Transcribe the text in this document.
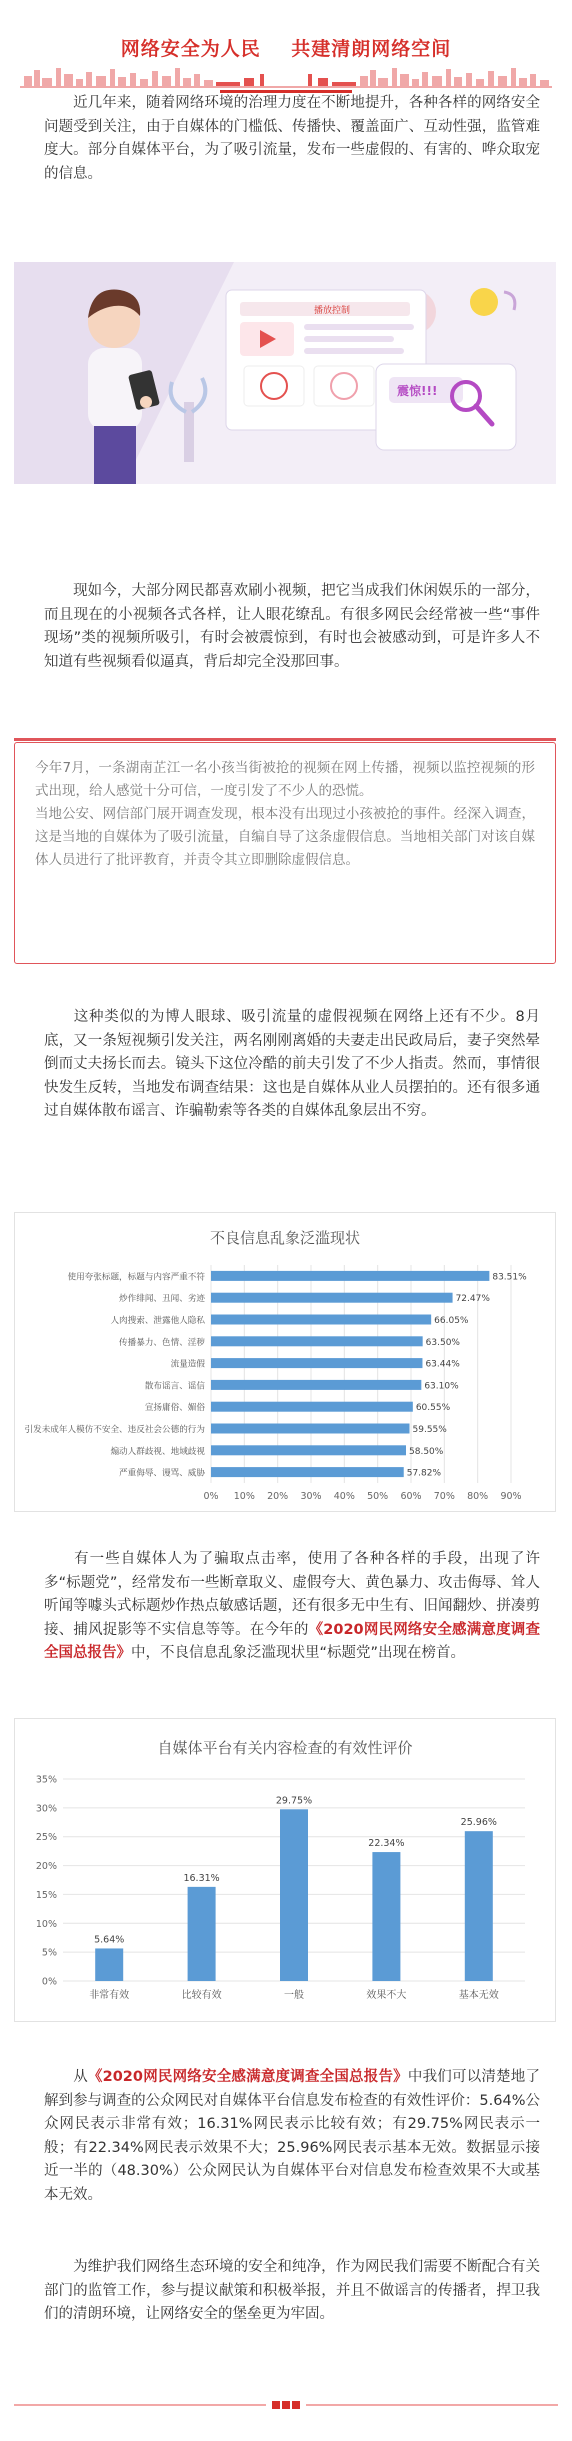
网络安全为人民    共建清朗网络空间
近几年来，随着网络环境的治理力度在不断地提升，各种各样的网络安全问题受到关注，由于自媒体的门槛低、传播快、覆盖面广、互动性强，监管难度大。部分自媒体平台，为了吸引流量，发布一些虚假的、有害的、哗众取宠的信息。
播放控制
震惊!!!
现如今，大部分网民都喜欢刷小视频，把它当成我们休闲娱乐的一部分，而且现在的小视频各式各样，让人眼花缭乱。有很多网民会经常被一些“事件现场”类的视频所吸引，有时会被震惊到，有时也会被感动到，可是许多人不知道有些视频看似逼真，背后却完全没那回事。
今年7月，一条湖南芷江一名小孩当街被抢的视频在网上传播，视频以监控视频的形式出现，给人感觉十分可信，一度引发了不少人的恐慌。
当地公安、网信部门展开调查发现，根本没有出现过小孩被抢的事件。经深入调查，这是当地的自媒体为了吸引流量，自编自导了这条虚假信息。当地相关部门对该自媒体人员进行了批评教育，并责令其立即删除虚假信息。
这种类似的为博人眼球、吸引流量的虚假视频在网络上还有不少。8月底，又一条短视频引发关注，两名刚刚离婚的夫妻走出民政局后，妻子突然晕倒而丈夫扬长而去。镜头下这位冷酷的前夫引发了不少人指责。然而，事情很快发生反转，当地发布调查结果：这也是自媒体从业人员摆拍的。还有很多通过自媒体散布谣言、诈骗勒索等各类的自媒体乱象层出不穷。
不良信息乱象泛滥现状
0% 10% 20% 30% 40% 50% 60% 70% 80% 90%
使用夸张标题，标题与内容严重不符	83.51%
炒作绯闻、丑闻、劣迹	72.47%
人肉搜索、泄露他人隐私	66.05%
传播暴力、色情、淫秽	63.50%
流量造假	63.44%
散布谣言、谣信	63.10%
宣扬庸俗、媚俗	60.55%
引发未成年人模仿不安全、违反社会公德的行为	59.55%
煽动人群歧视、地域歧视	58.50%
严重侮辱、谩骂、威胁	57.82%
有一些自媒体人为了骗取点击率，使用了各种各样的手段，出现了许多“标题党”，经常发布一些断章取义、虚假夸大、黄色暴力、攻击侮辱、耸人听闻等噱头式标题炒作热点敏感话题，还有很多无中生有、旧闻翻炒、拼凑剪接、捕风捉影等不实信息等等。在今年的《2020网民网络安全感满意度调查全国总报告》中，不良信息乱象泛滥现状里“标题党”出现在榜首。
自媒体平台有关内容检查的有效性评价
0%
5%
10%
15%
20%
25%
30%
35%
5.64%
非常有效
16.31%
比较有效
29.75%
一般
22.34%
效果不大
25.96%
基本无效
从《2020网民网络安全感满意度调查全国总报告》中我们可以清楚地了解到参与调查的公众网民对自媒体平台信息发布检查的有效性评价：5.64%公众网民表示非常有效；16.31%网民表示比较有效；有29.75%网民表示一般；有22.34%网民表示效果不大；25.96%网民表示基本无效。数据显示接近一半的（48.30%）公众网民认为自媒体平台对信息发布检查效果不大或基本无效。
为维护我们网络生态环境的安全和纯净，作为网民我们需要不断配合有关部门的监管工作，参与提议献策和积极举报，并且不做谣言的传播者，捍卫我们的清朗环境，让网络安全的堡垒更为牢固。
